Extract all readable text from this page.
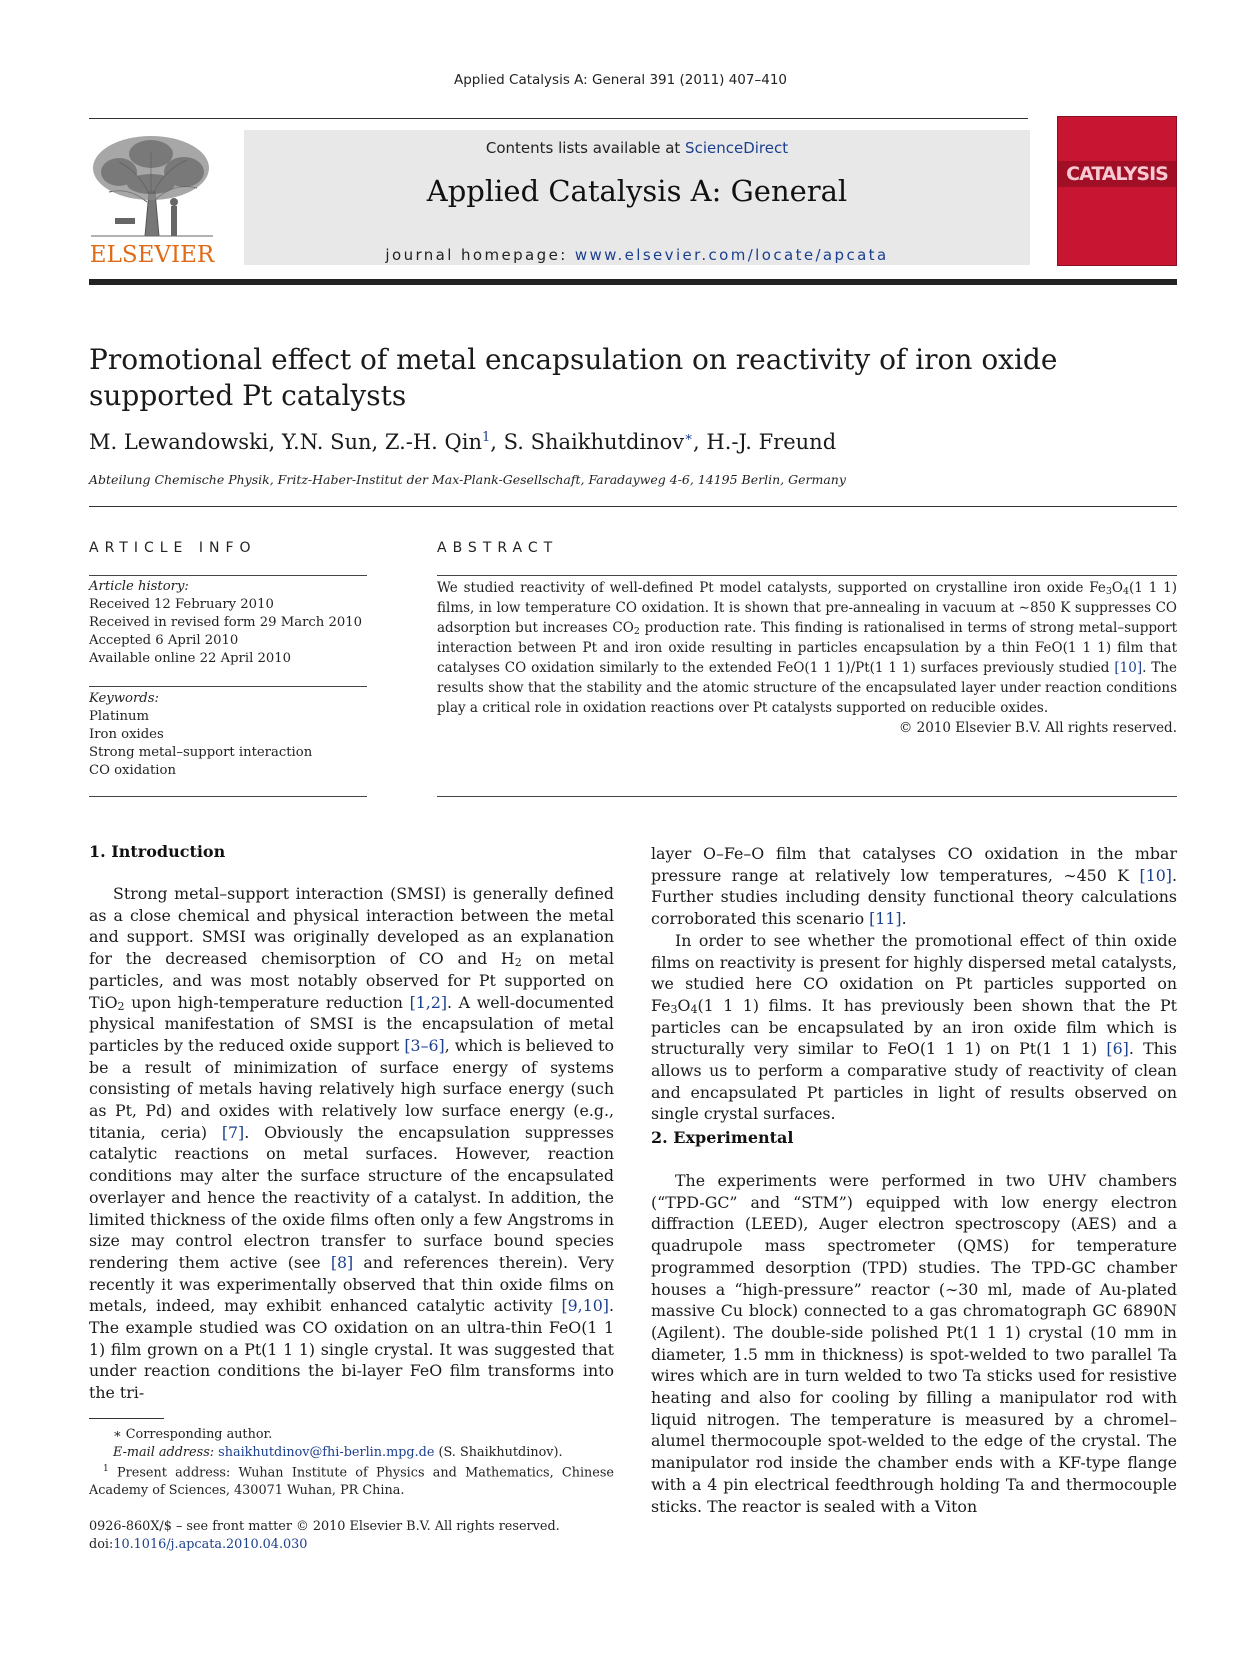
Applied Catalysis A: General 391 (2011) 407–410
ELSEVIER
Contents lists available at ScienceDirect
Applied Catalysis A: General
journal homepage: www.elsevier.com/locate/apcata
CATALYSIS
Promotional effect of metal encapsulation on reactivity of iron oxide
supported Pt catalysts
M. Lewandowski, Y.N. Sun, Z.-H. Qin$^1$, S. Shaikhutdinov∗, H.-J. Freund
Abteilung Chemische Physik, Fritz-Haber-Institut der Max-Plank-Gesellschaft, Faradayweg 4-6, 14195 Berlin, Germany
ARTICLE INFO	ABSTRACT
Article history:
Received 12 February 2010
Received in revised form 29 March 2010
Accepted 6 April 2010
Available online 22 April 2010
Keywords:
Platinum
Iron oxides
Strong metal–support interaction
CO oxidation
We studied reactivity of well-defined Pt model catalysts, supported on crystalline iron oxide $Fe_3O_4(1$ 1 1) films, in low temperature CO oxidation. It is shown that pre-annealing in vacuum at ∼850 K suppresses CO adsorption but increases $CO_2$ production rate. This finding is rationalised in terms of strong metal–support interaction between Pt and iron oxide resulting in particles encapsulation by a thin FeO(1 1 1) film that catalyses CO oxidation similarly to the extended FeO(1 1 1)/Pt(1 1 1) surfaces previously studied [10]. The results show that the stability and the atomic structure of the encapsulated layer under reaction conditions play a critical role in oxidation reactions over Pt catalysts supported on reducible oxides.
© 2010 Elsevier B.V. All rights reserved.
1. Introduction

Strong metal–support interaction (SMSI) is generally defined as a close chemical and physical interaction between the metal and support. SMSI was originally developed as an explanation for the decreased chemisorption of CO and $H_2$ on metal particles, and was most notably observed for Pt supported on TiO$_2$ upon high-temperature reduction [1,2]. A well-documented physical manifestation of SMSI is the encapsulation of metal particles by the reduced oxide support [3–6], which is believed to be a result of minimization of surface energy of systems consisting of metals having relatively high surface energy (such as Pt, Pd) and oxides with relatively low surface energy (e.g., titania, ceria) [7]. Obviously the encapsulation suppresses catalytic reactions on metal surfaces. However, reaction conditions may alter the surface structure of the encapsulated overlayer and hence the reactivity of a catalyst. In addition, the limited thickness of the oxide films often only a few Angstroms in size may control electron transfer to surface bound species rendering them active (see [8] and references therein). Very recently it was experimentally observed that thin oxide films on metals, indeed, may exhibit enhanced catalytic activity [9,10]. The example studied was CO oxidation on an ultra-thin FeO(1 1 1) film grown on a Pt(1 1 1) single crystal. It was suggested that under reaction conditions the bi-layer FeO film transforms into the tri-

layer O–Fe–O film that catalyses CO oxidation in the mbar pressure range at relatively low temperatures, ∼450 K [10]. Further studies including density functional theory calculations corroborated this scenario [11].

In order to see whether the promotional effect of thin oxide films on reactivity is present for highly dispersed metal catalysts, we studied here CO oxidation on Pt particles supported on $Fe_3O_4(1$ 1 1) films. It has previously been shown that the Pt particles can be encapsulated by an iron oxide film which is structurally very similar to FeO(1 1 1) on Pt(1 1 1) [6]. This allows us to perform a comparative study of reactivity of clean and encapsulated Pt particles in light of results observed on single crystal surfaces.

2. Experimental

The experiments were performed in two UHV chambers (“TPD-GC” and “STM”) equipped with low energy electron diffraction (LEED), Auger electron spectroscopy (AES) and a quadrupole mass spectrometer (QMS) for temperature programmed desorption (TPD) studies. The TPD-GC chamber houses a “high-pressure” reactor (∼30 ml, made of Au-plated massive Cu block) connected to a gas chromatograph GC 6890N (Agilent). The double-side polished Pt(1 1 1) crystal (10 mm in diameter, 1.5 mm in thickness) is spot-welded to two parallel Ta wires which are in turn welded to two Ta sticks used for resistive heating and also for cooling by filling a manipulator rod with liquid nitrogen. The temperature is measured by a chromel–alumel thermocouple spot-welded to the edge of the crystal. The manipulator rod inside the chamber ends with a KF-type flange with a 4 pin electrical feedthrough holding Ta and thermocouple sticks. The reactor is sealed with a Viton

∗ Corresponding author.
E-mail address: shaikhutdinov@fhi-berlin.mpg.de (S. Shaikhutdinov).
$^1$ Present address: Wuhan Institute of Physics and Mathematics, Chinese Academy of Sciences, 430071 Wuhan, PR China.
0926-860X/$ – see front matter © 2010 Elsevier B.V. All rights reserved.
doi:10.1016/j.apcata.2010.04.030
